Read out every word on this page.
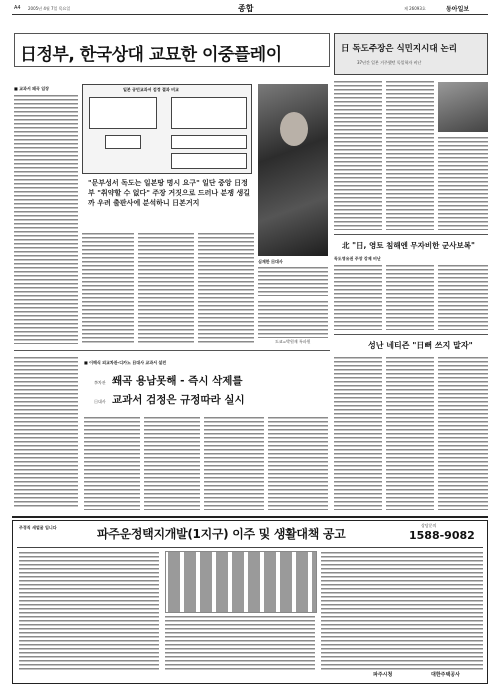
A4 2005년 4월 7일 목요일	종합	제 26093호	동아일보
日정부, 한국상대 교묘한 이중플레이
■ 교과서 왜곡 입장	일본 공민교과서 검정 결과 비교
심재한 日대사
"문부성서 독도는 일본땅 명시 요구" 일단 중앙 日정부 "취약할 수 없다" 주장 거짓으로 드러나 분쟁 생길까 우려 출판사에 분석하니 日본거지
도쿄=박원재 특파원
日 독도주장은 식민지시대 논리
37년간 일본 거주했던 독일학자 비난
北 "日, 영토 침해엔 무자비한 군사보복"
독도영유권 주장 강제 비난
성난 네티즌 "日뻐 쓰지 말자"
■ 이해식 외교차관-디카노 日대사 교과서 설전
李차관 쐐곡 용남못해 - 즉시 삭제를
日대사 교과서 검정은 규정따라 실시
주경직 새얼굴 입니다	파주운정택지개발(1지구) 이주 및 생활대책 공고
상담문의
1588-9082
파주시청	대한주택공사
